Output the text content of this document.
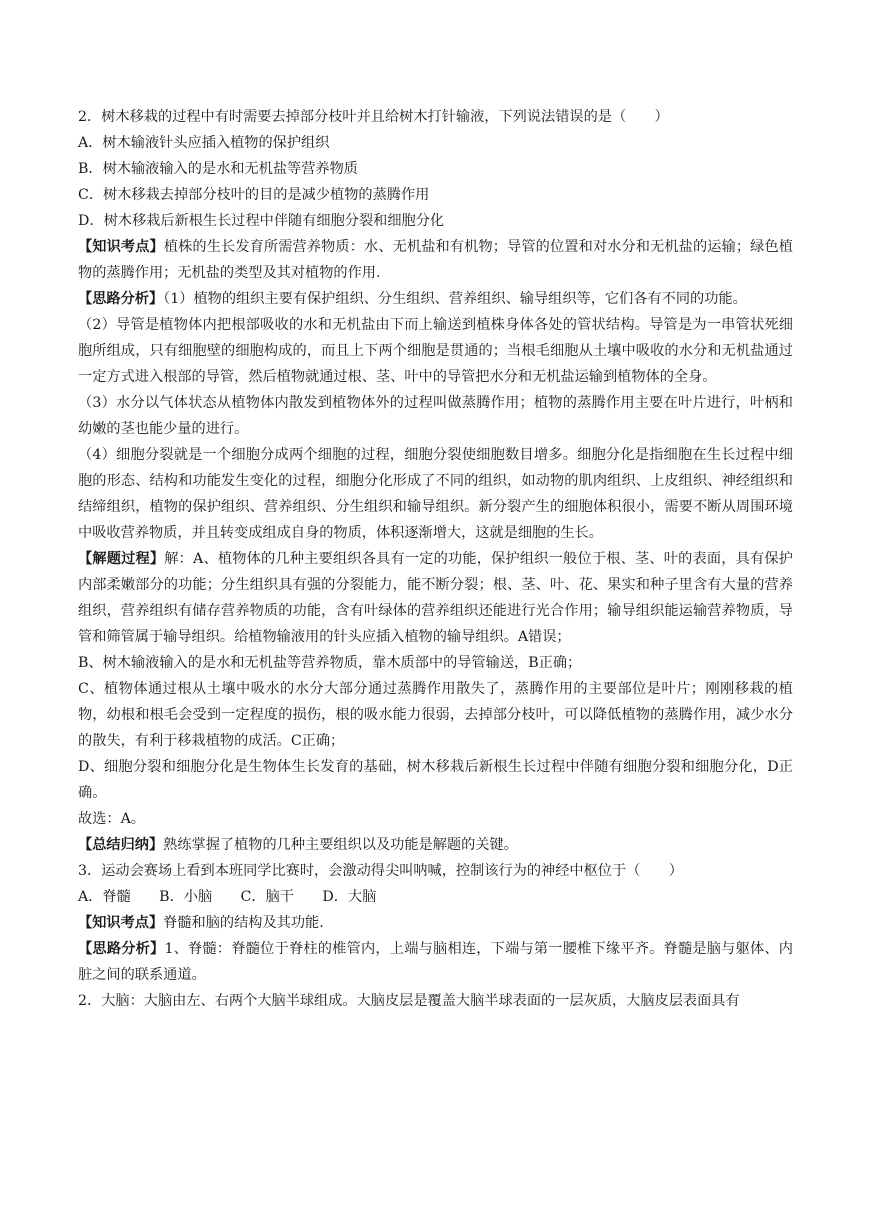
2．树木移栽的过程中有时需要去掉部分枝叶并且给树木打针输液，下列说法错误的是（　　）

A．树木输液针头应插入植物的保护组织

B．树木输液输入的是水和无机盐等营养物质

C．树木移栽去掉部分枝叶的目的是减少植物的蒸腾作用

D．树木移栽后新根生长过程中伴随有细胞分裂和细胞分化

【知识考点】植株的生长发育所需营养物质：水、无机盐和有机物；导管的位置和对水分和无机盐的运输；绿色植物的蒸腾作用；无机盐的类型及其对植物的作用.

【思路分析】（1）植物的组织主要有保护组织、分生组织、营养组织、输导组织等，它们各有不同的功能。

（2）导管是植物体内把根部吸收的水和无机盐由下而上输送到植株身体各处的管状结构。导管是为一串管状死细胞所组成，只有细胞壁的细胞构成的，而且上下两个细胞是贯通的；当根毛细胞从土壤中吸收的水分和无机盐通过一定方式进入根部的导管，然后植物就通过根、茎、叶中的导管把水分和无机盐运输到植物体的全身。

（3）水分以气体状态从植物体内散发到植物体外的过程叫做蒸腾作用；植物的蒸腾作用主要在叶片进行，叶柄和幼嫩的茎也能少量的进行。

（4）细胞分裂就是一个细胞分成两个细胞的过程，细胞分裂使细胞数目增多。细胞分化是指细胞在生长过程中细胞的形态、结构和功能发生变化的过程，细胞分化形成了不同的组织，如动物的肌肉组织、上皮组织、神经组织和结缔组织，植物的保护组织、营养组织、分生组织和输导组织。新分裂产生的细胞体积很小，需要不断从周围环境中吸收营养物质，并且转变成组成自身的物质，体积逐渐增大，这就是细胞的生长。

【解题过程】解：A、植物体的几种主要组织各具有一定的功能，保护组织一般位于根、茎、叶的表面，具有保护内部柔嫩部分的功能；分生组织具有强的分裂能力，能不断分裂；根、茎、叶、花、果实和种子里含有大量的营养组织，营养组织有储存营养物质的功能，含有叶绿体的营养组织还能进行光合作用；输导组织能运输营养物质，导管和筛管属于输导组织。给植物输液用的针头应插入植物的输导组织。A错误；

B、树木输液输入的是水和无机盐等营养物质，靠木质部中的导管输送，B正确；

C、植物体通过根从土壤中吸水的水分大部分通过蒸腾作用散失了，蒸腾作用的主要部位是叶片；刚刚移栽的植物，幼根和根毛会受到一定程度的损伤，根的吸水能力很弱，去掉部分枝叶，可以降低植物的蒸腾作用，减少水分的散失，有利于移栽植物的成活。C正确；

D、细胞分裂和细胞分化是生物体生长发育的基础，树木移栽后新根生长过程中伴随有细胞分裂和细胞分化，D正确。

故选：A。

【总结归纳】熟练掌握了植物的几种主要组织以及功能是解题的关键。

3．运动会赛场上看到本班同学比赛时，会激动得尖叫呐喊，控制该行为的神经中枢位于（　　）

A．脊髓　　B．小脑　　C．脑干　　D．大脑

【知识考点】脊髓和脑的结构及其功能.

【思路分析】1、脊髓：脊髓位于脊柱的椎管内，上端与脑相连，下端与第一腰椎下缘平齐。脊髓是脑与躯体、内脏之间的联系通道。

2．大脑：大脑由左、右两个大脑半球组成。大脑皮层是覆盖大脑半球表面的一层灰质，大脑皮层表面具有
